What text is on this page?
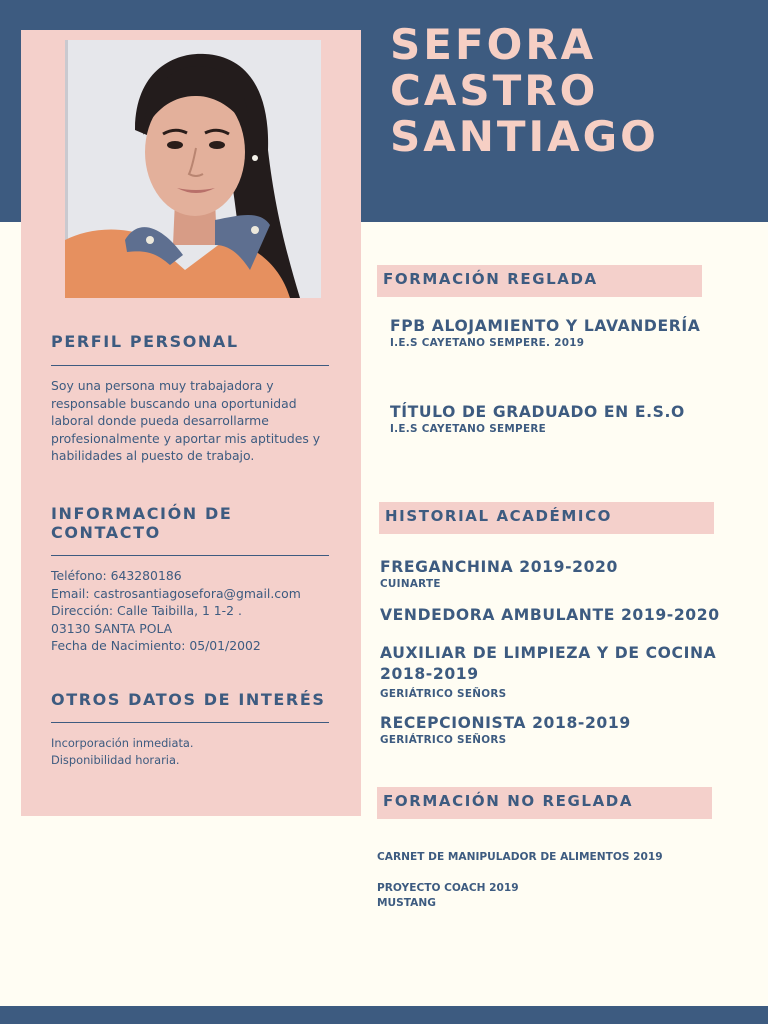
SEFORA
CASTRO
SANTIAGO
PERFIL PERSONAL

Soy una persona muy trabajadora y
responsable buscando una oportunidad
laboral donde pueda desarrollarme
profesionalmente y aportar mis aptitudes y
habilidades al puesto de trabajo.

INFORMACIÓN DE
CONTACTO

Teléfono: 643280186
Email: castrosantiagosefora@gmail.com
Dirección: Calle Taibilla, 1 1-2 .
03130 SANTA POLA
Fecha de Nacimiento: 05/01/2002

OTROS DATOS DE INTERÉS

Incorporación inmediata.
Disponibilidad horaria.

FORMACIÓN REGLADA
FPB ALOJAMIENTO Y LAVANDERÍA

I.E.S CAYETANO SEMPERE. 2019

TÍTULO DE GRADUADO EN E.S.O

I.E.S CAYETANO SEMPERE

HISTORIAL ACADÉMICO
FREGANCHINA 2019-2020

CUINARTE

VENDEDORA AMBULANTE 2019-2020
AUXILIAR DE LIMPIEZA Y DE COCINA
2018-2019

GERIÁTRICO SEÑORS

RECEPCIONISTA 2018-2019

GERIÁTRICO SEÑORS

FORMACIÓN NO REGLADA

CARNET DE MANIPULADOR DE ALIMENTOS 2019

PROYECTO COACH 2019
MUSTANG
